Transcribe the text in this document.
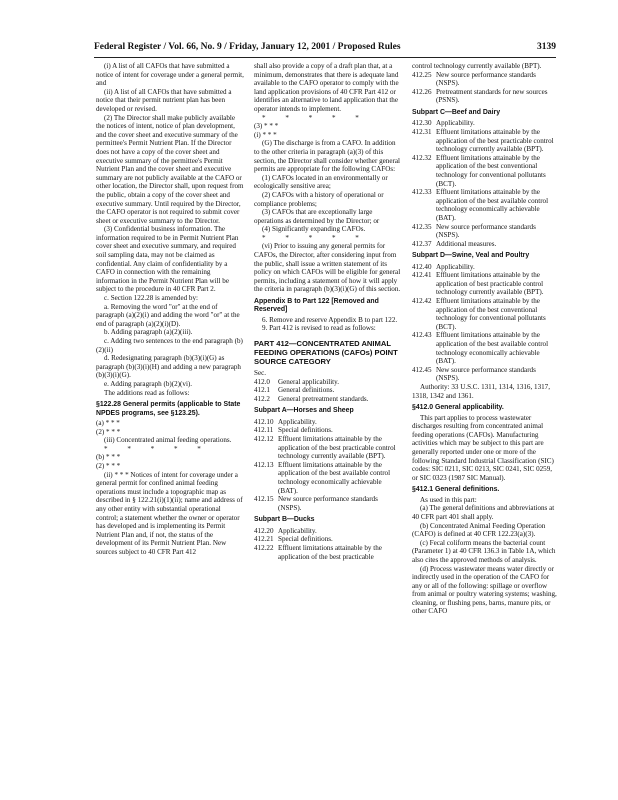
Federal Register / Vol. 66, No. 9 / Friday, January 12, 2001 / Proposed Rules	3139

(i) A list of all CAFOs that have submitted a notice of intent for coverage under a general permit, and

(ii) A list of all CAFOs that have submitted a notice that their permit nutrient plan has been developed or revised.

(2) The Director shall make publicly available the notices of intent, notice of plan development, and the cover sheet and executive summary of the permittee's Permit Nutrient Plan. If the Director does not have a copy of the cover sheet and executive summary of the permittee's Permit Nutrient Plan and the cover sheet and executive summary are not publicly available at the CAFO or other location, the Director shall, upon request from the public, obtain a copy of the cover sheet and executive summary. Until required by the Director, the CAFO operator is not required to submit cover sheet or executive summary to the Director.

(3) Confidential business information. The information required to be in Permit Nutrient Plan cover sheet and executive summary, and required soil sampling data, may not be claimed as confidential. Any claim of confidentiality by a CAFO in connection with the remaining information in the Permit Nutrient Plan will be subject to the procedure in 40 CFR Part 2.

c. Section 122.28 is amended by:

a. Removing the word "or" at the end of paragraph (a)(2)(i) and adding the word "or" at the end of paragraph (a)(2)(i)(D).

b. Adding paragraph (a)(2)(iii).

c. Adding two sentences to the end paragraph (b)(2)(ii)

d. Redesignating paragraph (b)(3)(i)(G) as paragraph (b)(3)(i)(H) and adding a new paragraph (b)(3)(i)(G).

e. Adding paragraph (b)(2)(vi).

The additions read as follows:

§122.28 General permits (applicable to State NPDES programs, see §123.25).

(a) * * *

(2) * * *

(iii) Concentrated animal feeding operations.

* * * * *

(b) * * *

(2) * * *

(ii) * * * Notices of intent for coverage under a general permit for confined animal feeding operations must include a topographic map as described in § 122.21(i)(1)(ii); name and address of any other entity with substantial operational control; a statement whether the owner or operator has developed and is implementing its Permit Nutrient Plan and, if not, the status of the development of its Permit Nutrient Plan. New sources subject to 40 CFR Part 412

shall also provide a copy of a draft plan that, at a minimum, demonstrates that there is adequate land available to the CAFO operator to comply with the land application provisions of 40 CFR Part 412 or identifies an alternative to land application that the operator intends to implement.

* * * * *

(3) * * *

(i) * * *

(G) The discharge is from a CAFO. In addition to the other criteria in paragraph (a)(3) of this section, the Director shall consider whether general permits are appropriate for the following CAFOs:

(1) CAFOs located in an environmentally or ecologically sensitive area;

(2) CAFOs with a history of operational or compliance problems;

(3) CAFOs that are exceptionally large operations as determined by the Director; or

(4) Significantly expanding CAFOs.

* * * * *

(vi) Prior to issuing any general permits for CAFOs, the Director, after considering input from the public, shall issue a written statement of its policy on which CAFOs will be eligible for general permits, including a statement of how it will apply the criteria in paragraph (b)(3)(i)(G) of this section.

Appendix B to Part 122 [Removed and Reserved]

6. Remove and reserve Appendix B to part 122.

9. Part 412 is revised to read as follows:

PART 412—CONCENTRATED ANIMAL FEEDING OPERATIONS (CAFOs) POINT SOURCE CATEGORY

Sec.

412.0	General applicability.
412.1	General definitions.
412.2	General pretreatment standards.

Subpart A—Horses and Sheep

412.10 Applicability.
412.11 Special definitions.
412.12 Effluent limitations attainable by the application of the best practicable control technology currently available (BPT).
412.13 Effluent limitations attainable by the application of the best available control technology economically achievable (BAT).
412.15 New source performance standards (NSPS).

Subpart B—Ducks

412.20 Applicability.
412.21 Special definitions.
412.22 Effluent limitations attainable by the application of the best practicable

control technology currently available (BPT).

412.25 New source performance standards (NSPS).
412.26 Pretreatment standards for new sources (PSNS).

Subpart C—Beef and Dairy

412.30 Applicability.
412.31 Effluent limitations attainable by the application of the best practicable control technology currently available (BPT).
412.32 Effluent limitations attainable by the application of the best conventional technology for conventional pollutants (BCT).
412.33 Effluent limitations attainable by the application of the best available control technology economically achievable (BAT).
412.35 New source performance standards (NSPS).
412.37 Additional measures.

Subpart D—Swine, Veal and Poultry

412.40 Applicability.
412.41 Effluent limitations attainable by the application of best practicable control technology currently available (BPT).
412.42 Effluent limitations attainable by the application of the best conventional technology for conventional pollutants (BCT).
412.43 Effluent limitations attainable by the application of the best available control technology economically achievable (BAT).
412.45 New source performance standards (NSPS).

Authority: 33 U.S.C. 1311, 1314, 1316, 1317, 1318, 1342 and 1361.

§412.0 General applicability.

This part applies to process wastewater discharges resulting from concentrated animal feeding operations (CAFOs). Manufacturing activities which may be subject to this part are generally reported under one or more of the following Standard Industrial Classification (SIC) codes: SIC 0211, SIC 0213, SIC 0241, SIC 0259, or SIC 0323 (1987 SIC Manual).

§412.1 General definitions.

As used in this part:

(a) The general definitions and abbreviations at 40 CFR part 401 shall apply.

(b) Concentrated Animal Feeding Operation (CAFO) is defined at 40 CFR 122.23(a)(3).

(c) Fecal coliform means the bacterial count (Parameter 1) at 40 CFR 136.3 in Table 1A, which also cites the approved methods of analysis.

(d) Process wastewater means water directly or indirectly used in the operation of the CAFO for any or all of the following: spillage or overflow from animal or poultry watering systems; washing, cleaning, or flushing pens, barns, manure pits, or other CAFO
